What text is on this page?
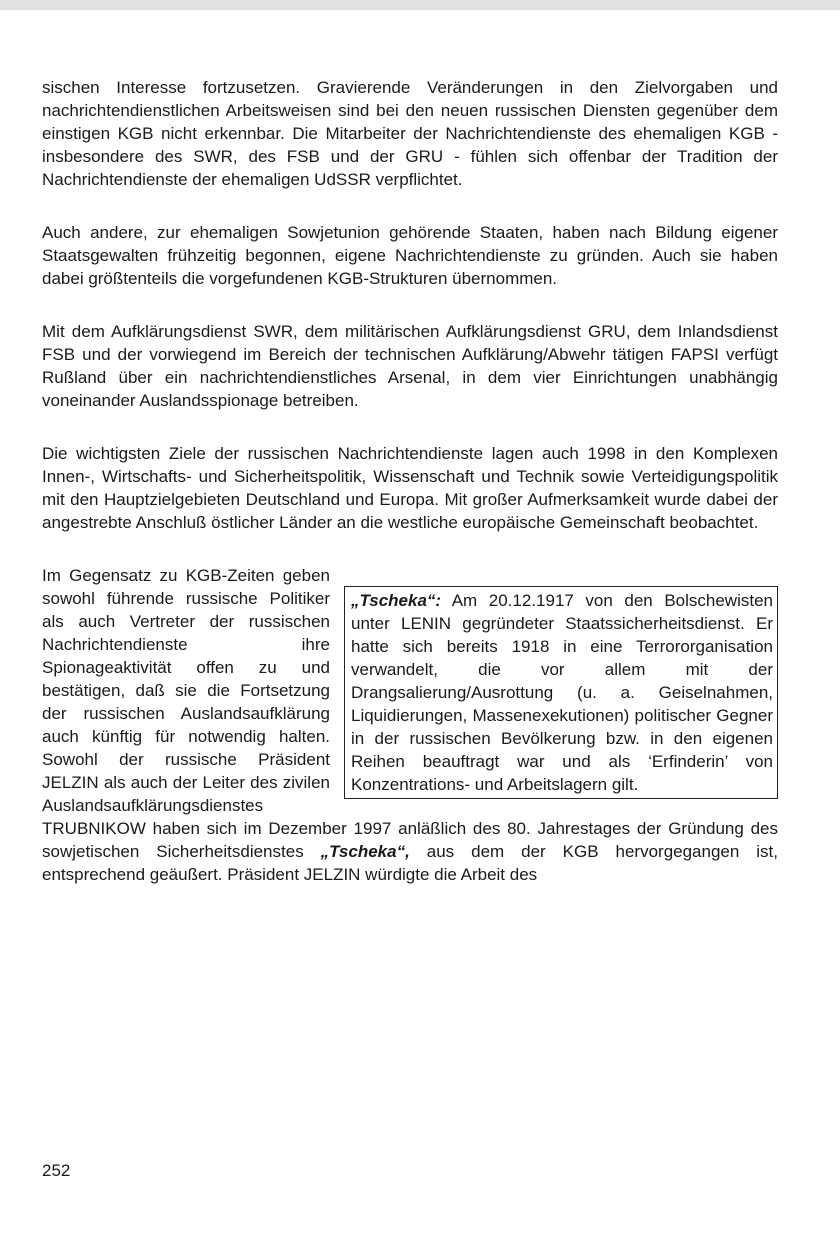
sischen Interesse fortzusetzen. Gravierende Veränderungen in den Zielvorgaben und nachrichtendienstlichen Arbeitsweisen sind bei den neuen russischen Diensten gegenüber dem einstigen KGB nicht erkennbar. Die Mitarbeiter der Nachrichtendienste des ehemaligen KGB - insbesondere des SWR, des FSB und der GRU - fühlen sich offenbar der Tradition der Nachrichtendienste der ehemaligen UdSSR verpflichtet.

Auch andere, zur ehemaligen Sowjetunion gehörende Staaten, haben nach Bildung eigener Staatsgewalten frühzeitig begonnen, eigene Nachrichtendienste zu gründen. Auch sie haben dabei größtenteils die vorgefundenen KGB-Strukturen übernommen.

Mit dem Aufklärungsdienst SWR, dem militärischen Aufklärungsdienst GRU, dem Inlandsdienst FSB und der vorwiegend im Bereich der technischen Aufklärung/Abwehr tätigen FAPSI verfügt Rußland über ein nachrichtendienstliches Arsenal, in dem vier Einrichtungen unabhängig voneinander Auslandsspionage betreiben.

Die wichtigsten Ziele der russischen Nachrichtendienste lagen auch 1998 in den Komplexen Innen-, Wirtschafts- und Sicherheitspolitik, Wissenschaft und Technik sowie Verteidigungspolitik mit den Hauptzielgebieten Deutschland und Europa. Mit großer Aufmerksamkeit wurde dabei der angestrebte Anschluß östlicher Länder an die westliche europäische Gemeinschaft beobachtet.

„Tscheka“: Am 20.12.1917 von den Bolschewisten unter LENIN gegründeter Staatssicherheitsdienst. Er hatte sich bereits 1918 in eine Terrororganisation verwandelt, die vor allem mit der Drangsalierung/Ausrottung (u. a. Geiselnahmen, Liquidierungen, Massenexekutionen) politischer Gegner in der russischen Bevölkerung bzw. in den eigenen Reihen beauftragt war und als ‘Erfinderin’ von Konzentrations- und Arbeitslagern gilt.

Im Gegensatz zu KGB-Zeiten geben sowohl führende russische Politiker als auch Vertreter der russischen Nachrichtendienste ihre Spionageaktivität offen zu und bestätigen, daß sie die Fortsetzung der russischen Auslandsaufklärung auch künftig für notwendig halten. Sowohl der russische Präsident JELZIN als auch der Leiter des zivilen Auslandsaufklärungsdienstes TRUBNIKOW haben sich im Dezember 1997 anläßlich des 80. Jahrestages der Gründung des sowjetischen Sicherheitsdienstes „Tscheka“, aus dem der KGB hervorgegangen ist, entsprechend geäußert. Präsident JELZIN würdigte die Arbeit des

252
